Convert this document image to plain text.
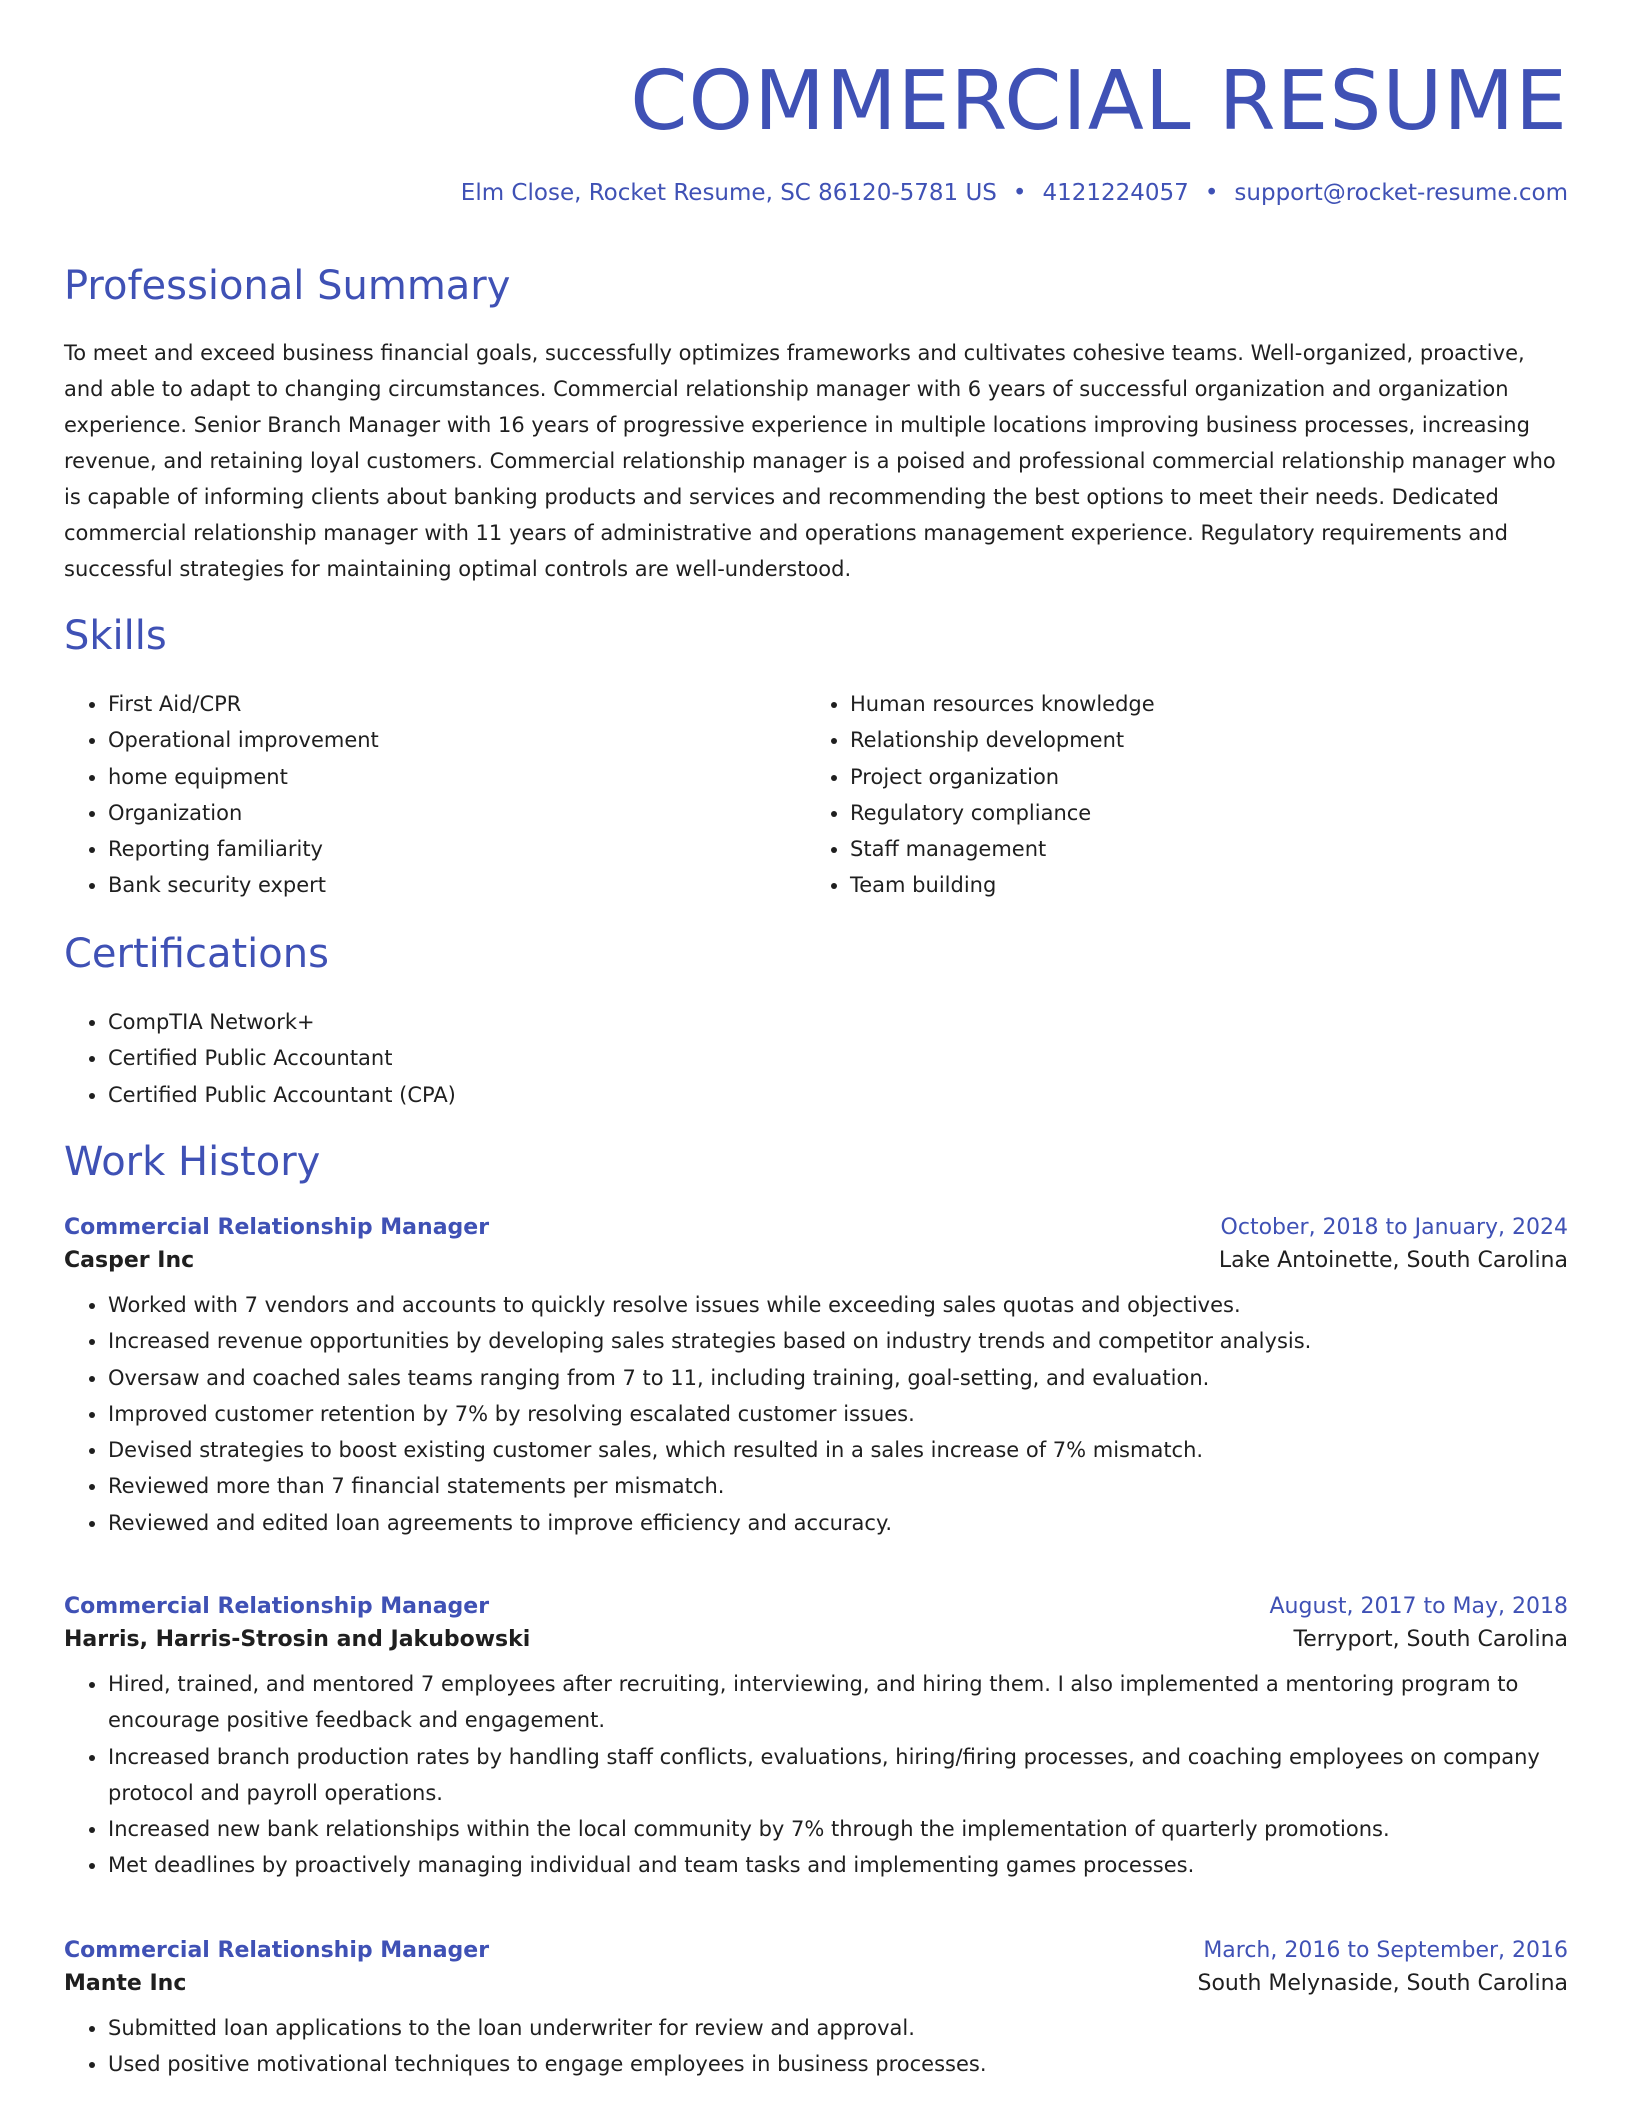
COMMERCIAL RESUME
Elm Close, Rocket Resume, SC 86120-5781 US • 4121224057 • support@rocket-resume.com
Professional Summary

To meet and exceed business financial goals, successfully optimizes frameworks and cultivates cohesive teams. Well-organized, proactive, and able to adapt to changing circumstances. Commercial relationship manager with 6 years of successful organization and organization experience. Senior Branch Manager with 16 years of progressive experience in multiple locations improving business processes, increasing revenue, and retaining loyal customers. Commercial relationship manager is a poised and professional commercial relationship manager who is capable of informing clients about banking products and services and recommending the best options to meet their needs. Dedicated commercial relationship manager with 11 years of administrative and operations management experience. Regulatory requirements and successful strategies for maintaining optimal controls are well-understood.

Skills
• First Aid/CPR
• Operational improvement
• home equipment
• Organization
• Reporting familiarity
• Bank security expert
• Human resources knowledge
• Relationship development
• Project organization
• Regulatory compliance
• Staff management
• Team building
Certifications
• CompTIA Network+
• Certified Public Accountant
• Certified Public Accountant (CPA)
Work History
Commercial Relationship Manager	October, 2018 to January, 2024
Casper Inc	Lake Antoinette, South Carolina
• Worked with 7 vendors and accounts to quickly resolve issues while exceeding sales quotas and objectives.
• Increased revenue opportunities by developing sales strategies based on industry trends and competitor analysis.
• Oversaw and coached sales teams ranging from 7 to 11, including training, goal-setting, and evaluation.
• Improved customer retention by 7% by resolving escalated customer issues.
• Devised strategies to boost existing customer sales, which resulted in a sales increase of 7% mismatch.
• Reviewed more than 7 financial statements per mismatch.
• Reviewed and edited loan agreements to improve efficiency and accuracy.
Commercial Relationship Manager	August, 2017 to May, 2018
Harris, Harris-Strosin and Jakubowski	Terryport, South Carolina
• Hired, trained, and mentored 7 employees after recruiting, interviewing, and hiring them. I also implemented a mentoring program to encourage positive feedback and engagement.
• Increased branch production rates by handling staff conflicts, evaluations, hiring/firing processes, and coaching employees on company protocol and payroll operations.
• Increased new bank relationships within the local community by 7% through the implementation of quarterly promotions.
• Met deadlines by proactively managing individual and team tasks and implementing games processes.
Commercial Relationship Manager	March, 2016 to September, 2016
Mante Inc	South Melynaside, South Carolina
• Submitted loan applications to the loan underwriter for review and approval.
• Used positive motivational techniques to engage employees in business processes.
